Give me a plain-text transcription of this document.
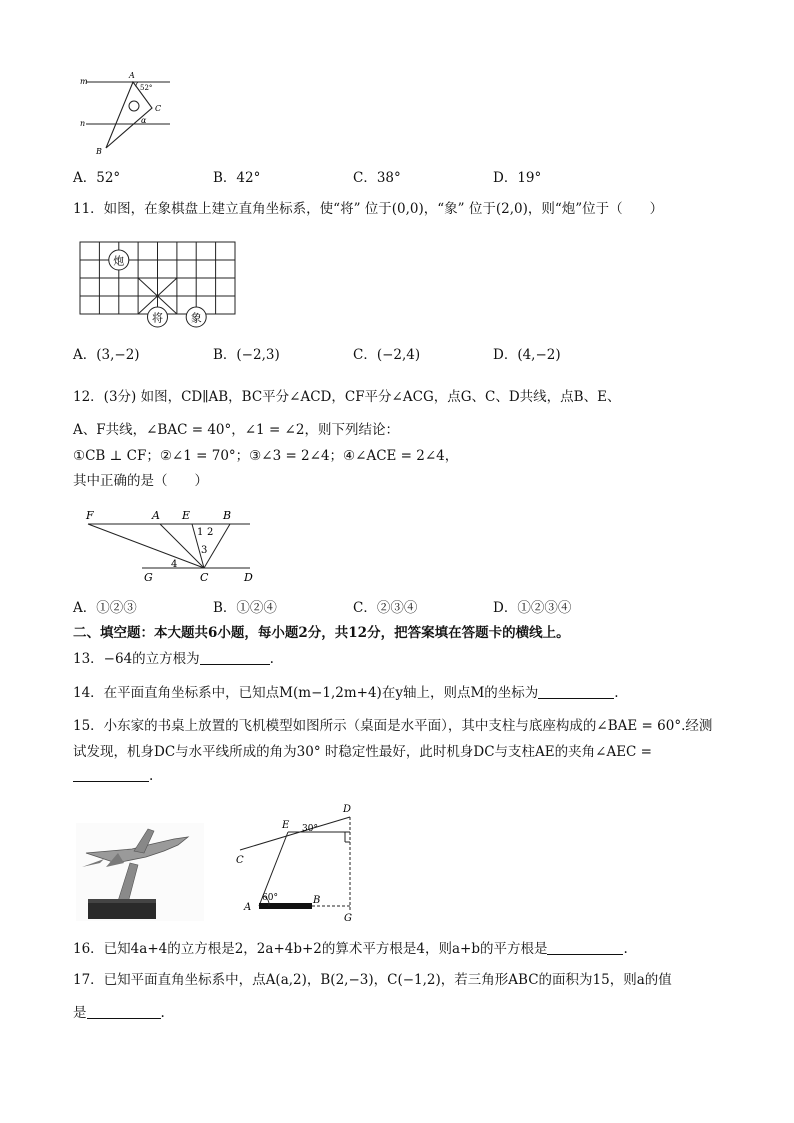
m
n
A
52°
C
α
B
A．52°	B．42°	C．38°	D．19°
11．如图，在象棋盘上建立直角坐标系，使“将” 位于(0,0)，“象” 位于(2,0)，则“炮”位于（　　）
炮
将	象
A．(3,−2)	B．(−2,3)	C．(−2,4)	D．(4,−2)
12．(3分) 如图，CD∥AB，BC平分∠ACD，CF平分∠ACG，点G、C、D共线，点B、E、
A、F共线，∠BAC = 40°，∠1 = ∠2，则下列结论：
①CB ⊥ CF；②∠1 = 70°；③∠3 = 2∠4；④∠ACE = 2∠4，
其中正确的是（　　）
F	A E	B
1 2
3
4
G	C	D
A．①②③	B．①②④	C．②③④	D．①②③④
二、填空题：本大题共6小题，每小题2分，共12分，把答案填在答题卡的横线上。
13．−64的立方根为	.
14．在平面直角坐标系中，已知点M(m−1,2m+4)在y轴上，则点M的坐标为	.
15．小东家的书桌上放置的飞机模型如图所示（桌面是水平面），其中支柱与底座构成的∠BAE = 60°.经测
试发现，机身DC与水平线所成的角为30° 时稳定性最好，此时机身DC与支柱AE的夹角∠AEC =
.
D
E 30°
C
60°
A
B
G
16．已知4a+4的立方根是2，2a+4b+2的算术平方根是4，则a+b的平方根是	.
17．已知平面直角坐标系中，点A(a,2)，B(2,−3)，C(−1,2)，若三角形ABC的面积为15，则a的值
是	.
